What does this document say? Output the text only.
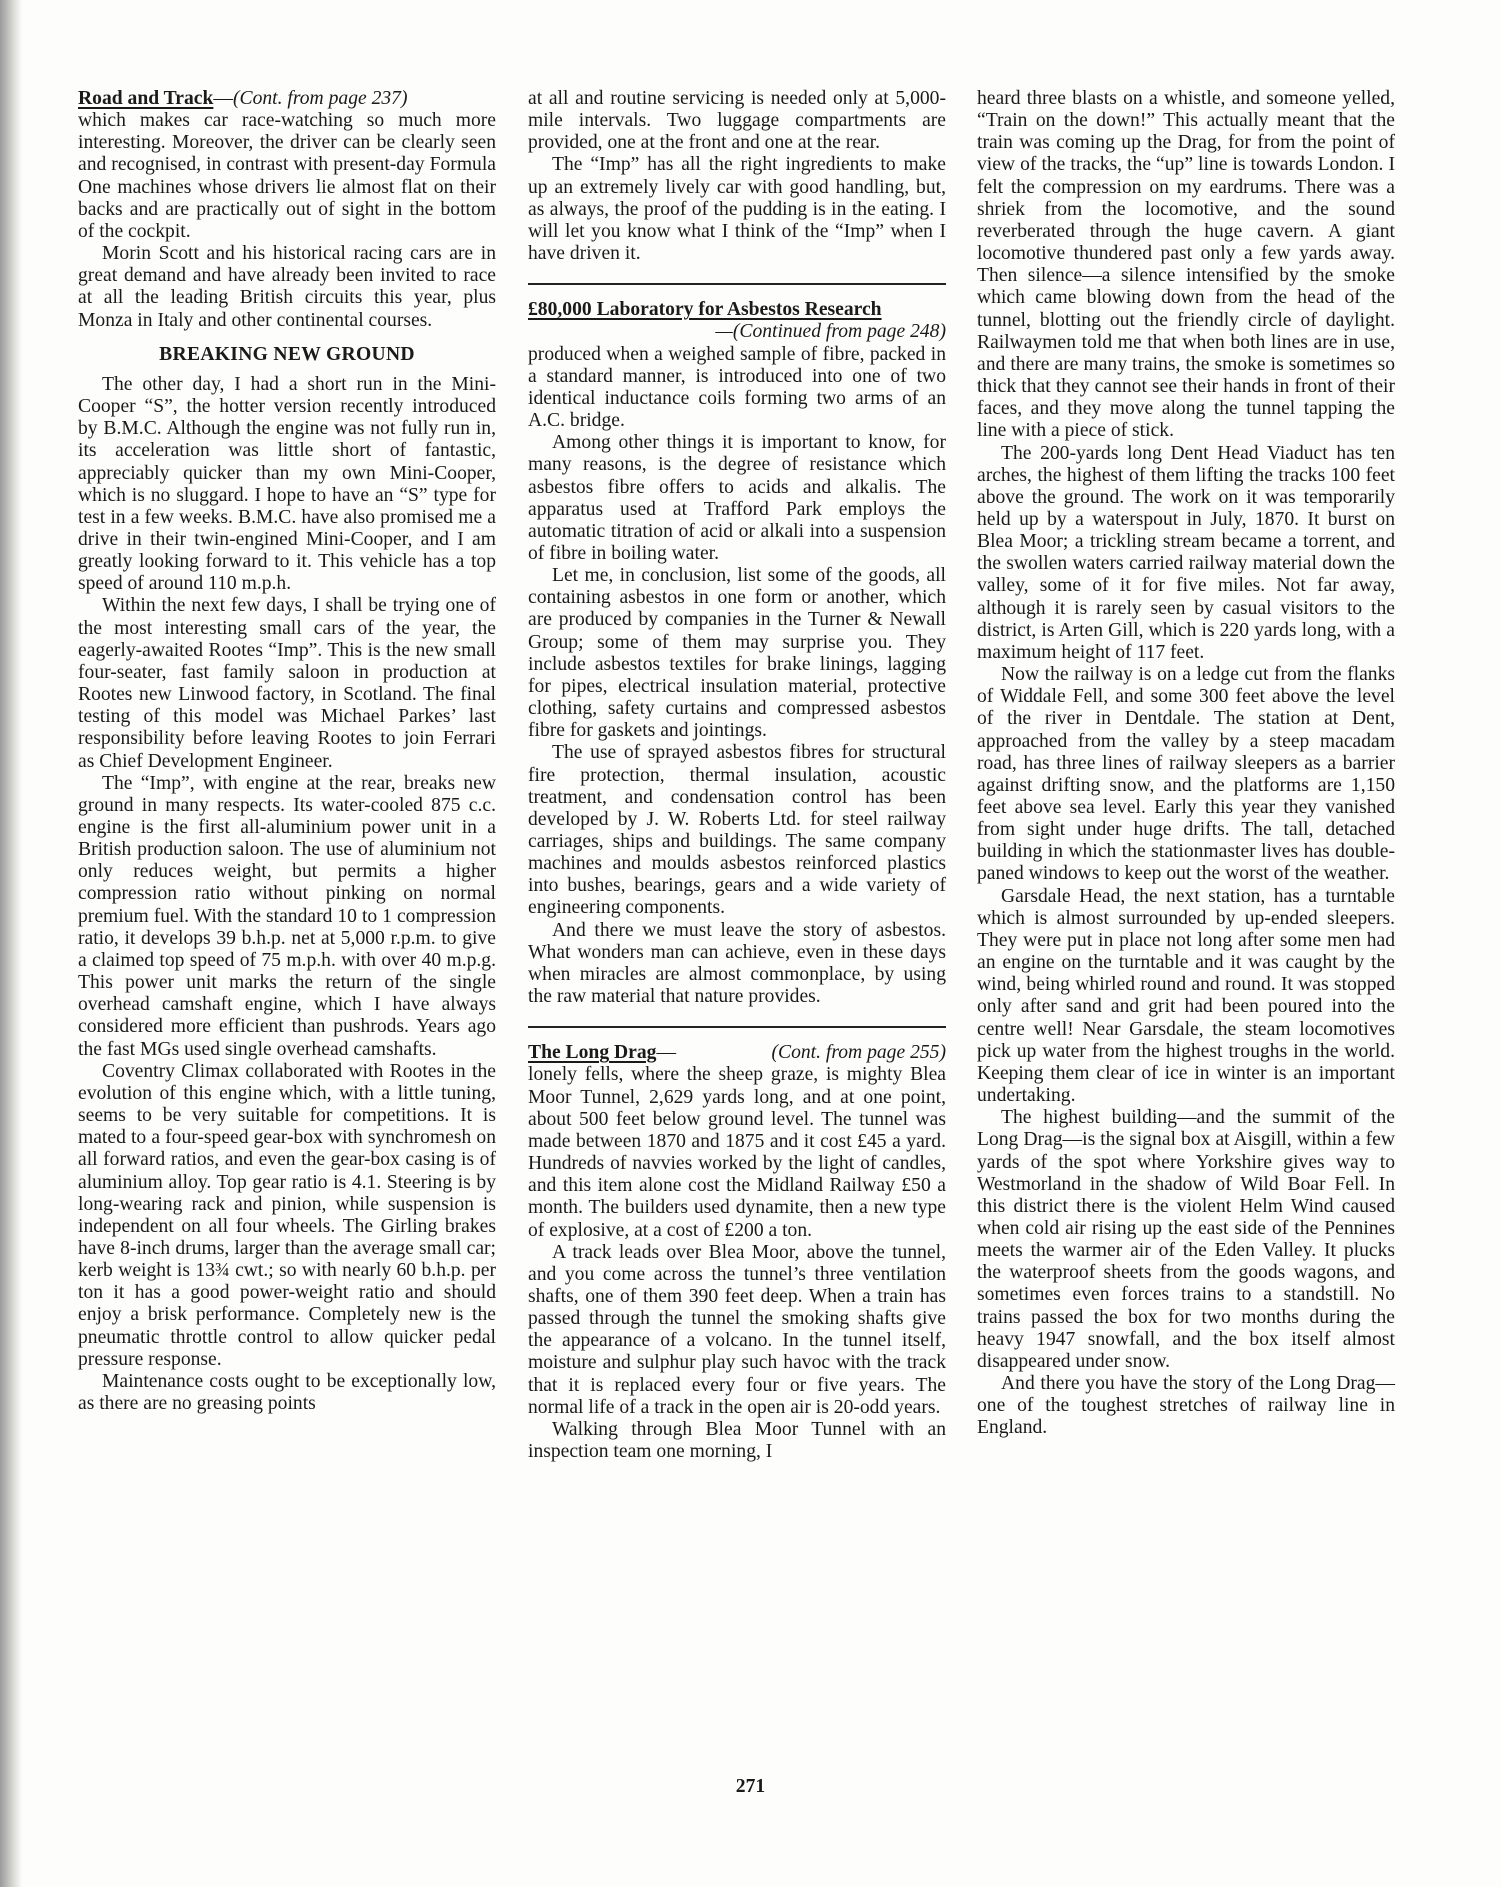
Road and Track—(Cont. from page 237)

which makes car race-watching so much more interesting. Moreover, the driver can be clearly seen and recognised, in contrast with present-day Formula One machines whose drivers lie almost flat on their backs and are practically out of sight in the bottom of the cockpit.

Morin Scott and his historical racing cars are in great demand and have already been invited to race at all the leading British circuits this year, plus Monza in Italy and other continental courses.

BREAKING NEW GROUND

The other day, I had a short run in the Mini-Cooper “S”, the hotter version recently introduced by B.M.C. Although the engine was not fully run in, its acceleration was little short of fantastic, appreciably quicker than my own Mini-Cooper, which is no sluggard. I hope to have an “S” type for test in a few weeks. B.M.C. have also promised me a drive in their twin-engined Mini-Cooper, and I am greatly looking forward to it. This vehicle has a top speed of around 110 m.p.h.

Within the next few days, I shall be trying one of the most interesting small cars of the year, the eagerly-awaited Rootes “Imp”. This is the new small four-seater, fast family saloon in production at Rootes new Linwood factory, in Scotland. The final testing of this model was Michael Parkes’ last responsibility before leaving Rootes to join Ferrari as Chief Development Engineer.

The “Imp”, with engine at the rear, breaks new ground in many respects. Its water-cooled 875 c.c. engine is the first all-aluminium power unit in a British production saloon. The use of aluminium not only reduces weight, but permits a higher compression ratio without pinking on normal premium fuel. With the standard 10 to 1 compression ratio, it develops 39 b.h.p. net at 5,000 r.p.m. to give a claimed top speed of 75 m.p.h. with over 40 m.p.g. This power unit marks the return of the single overhead camshaft engine, which I have always considered more efficient than pushrods. Years ago the fast MGs used single overhead camshafts.

Coventry Climax collaborated with Rootes in the evolution of this engine which, with a little tuning, seems to be very suitable for competitions. It is mated to a four-speed gear-box with synchromesh on all forward ratios, and even the gear-box casing is of aluminium alloy. Top gear ratio is 4.1. Steering is by long-wearing rack and pinion, while suspension is independent on all four wheels. The Girling brakes have 8-inch drums, larger than the average small car; kerb weight is 13¾ cwt.; so with nearly 60 b.h.p. per ton it has a good power-weight ratio and should enjoy a brisk performance. Completely new is the pneumatic throttle control to allow quicker pedal pressure response.

Maintenance costs ought to be exceptionally low, as there are no greasing points

at all and routine servicing is needed only at 5,000-mile intervals. Two luggage compartments are provided, one at the front and one at the rear.

The “Imp” has all the right ingredients to make up an extremely lively car with good handling, but, as always, the proof of the pudding is in the eating. I will let you know what I think of the “Imp” when I have driven it.

£80,000 Laboratory for Asbestos Research

—(Continued from page 248)

produced when a weighed sample of fibre, packed in a standard manner, is introduced into one of two identical inductance coils forming two arms of an A.C. bridge.

Among other things it is important to know, for many reasons, is the degree of resistance which asbestos fibre offers to acids and alkalis. The apparatus used at Trafford Park employs the automatic titration of acid or alkali into a suspension of fibre in boiling water.

Let me, in conclusion, list some of the goods, all containing asbestos in one form or another, which are produced by companies in the Turner & Newall Group; some of them may surprise you. They include asbestos textiles for brake linings, lagging for pipes, electrical insulation material, protective clothing, safety curtains and compressed asbestos fibre for gaskets and jointings.

The use of sprayed asbestos fibres for structural fire protection, thermal insulation, acoustic treatment, and condensation control has been developed by J. W. Roberts Ltd. for steel railway carriages, ships and buildings. The same company machines and moulds asbestos reinforced plastics into bushes, bearings, gears and a wide variety of engineering components.

And there we must leave the story of asbestos. What wonders man can achieve, even in these days when miracles are almost commonplace, by using the raw material that nature provides.

The Long Drag—	(Cont. from page 255)

lonely fells, where the sheep graze, is mighty Blea Moor Tunnel, 2,629 yards long, and at one point, about 500 feet below ground level. The tunnel was made between 1870 and 1875 and it cost £45 a yard. Hundreds of navvies worked by the light of candles, and this item alone cost the Midland Railway £50 a month. The builders used dynamite, then a new type of explosive, at a cost of £200 a ton.

A track leads over Blea Moor, above the tunnel, and you come across the tunnel’s three ventilation shafts, one of them 390 feet deep. When a train has passed through the tunnel the smoking shafts give the appearance of a volcano. In the tunnel itself, moisture and sulphur play such havoc with the track that it is replaced every four or five years. The normal life of a track in the open air is 20-odd years.

Walking through Blea Moor Tunnel with an inspection team one morning, I

heard three blasts on a whistle, and someone yelled, “Train on the down!” This actually meant that the train was coming up the Drag, for from the point of view of the tracks, the “up” line is towards London. I felt the compression on my eardrums. There was a shriek from the locomotive, and the sound reverberated through the huge cavern. A giant locomotive thundered past only a few yards away. Then silence—a silence intensified by the smoke which came blowing down from the head of the tunnel, blotting out the friendly circle of daylight. Railwaymen told me that when both lines are in use, and there are many trains, the smoke is sometimes so thick that they cannot see their hands in front of their faces, and they move along the tunnel tapping the line with a piece of stick.

The 200-yards long Dent Head Viaduct has ten arches, the highest of them lifting the tracks 100 feet above the ground. The work on it was temporarily held up by a waterspout in July, 1870. It burst on Blea Moor; a trickling stream became a torrent, and the swollen waters carried railway material down the valley, some of it for five miles. Not far away, although it is rarely seen by casual visitors to the district, is Arten Gill, which is 220 yards long, with a maximum height of 117 feet.

Now the railway is on a ledge cut from the flanks of Widdale Fell, and some 300 feet above the level of the river in Dentdale. The station at Dent, approached from the valley by a steep macadam road, has three lines of railway sleepers as a barrier against drifting snow, and the platforms are 1,150 feet above sea level. Early this year they vanished from sight under huge drifts. The tall, detached building in which the stationmaster lives has double-paned windows to keep out the worst of the weather.

Garsdale Head, the next station, has a turntable which is almost surrounded by up-ended sleepers. They were put in place not long after some men had an engine on the turntable and it was caught by the wind, being whirled round and round. It was stopped only after sand and grit had been poured into the centre well! Near Garsdale, the steam locomotives pick up water from the highest troughs in the world. Keeping them clear of ice in winter is an important undertaking.

The highest building—and the summit of the Long Drag—is the signal box at Aisgill, within a few yards of the spot where Yorkshire gives way to Westmorland in the shadow of Wild Boar Fell. In this district there is the violent Helm Wind caused when cold air rising up the east side of the Pennines meets the warmer air of the Eden Valley. It plucks the waterproof sheets from the goods wagons, and sometimes even forces trains to a standstill. No trains passed the box for two months during the heavy 1947 snowfall, and the box itself almost disappeared under snow.

And there you have the story of the Long Drag—one of the toughest stretches of railway line in England.

271
